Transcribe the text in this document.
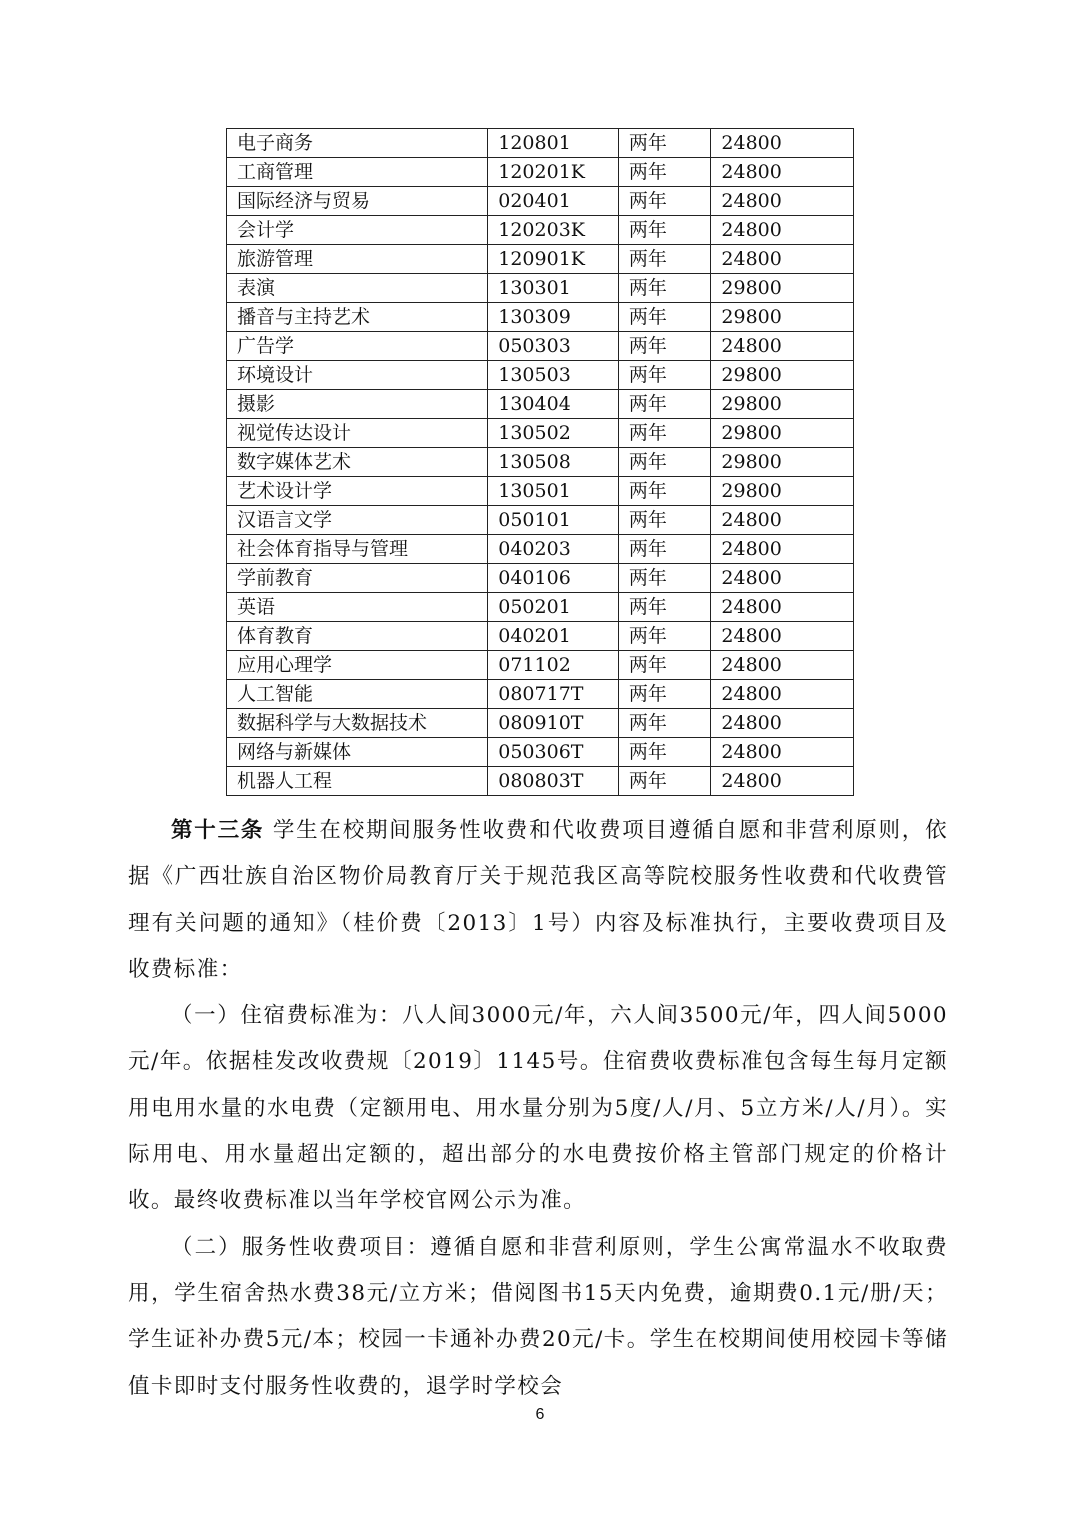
电子商务	120801	两年	24800
工商管理	120201K	两年	24800
国际经济与贸易	020401	两年	24800
会计学	120203K	两年	24800
旅游管理	120901K	两年	24800
表演	130301	两年	29800
播音与主持艺术	130309	两年	29800
广告学	050303	两年	24800
环境设计	130503	两年	29800
摄影	130404	两年	29800
视觉传达设计	130502	两年	29800
数字媒体艺术	130508	两年	29800
艺术设计学	130501	两年	29800
汉语言文学	050101	两年	24800
社会体育指导与管理	040203	两年	24800
学前教育	040106	两年	24800
英语	050201	两年	24800
体育教育	040201	两年	24800
应用心理学	071102	两年	24800
人工智能	080717T	两年	24800
数据科学与大数据技术	080910T	两年	24800
网络与新媒体	050306T	两年	24800
机器人工程	080803T	两年	24800

第十三条 学生在校期间服务性收费和代收费项目遵循自愿和非营利原则，依据《广西壮族自治区物价局教育厅关于规范我区高等院校服务性收费和代收费管理有关问题的通知》（桂价费〔2013〕1号）内容及标准执行，主要收费项目及收费标准：

（一）住宿费标准为：八人间3000元/年，六人间3500元/年，四人间5000元/年。依据桂发改收费规〔2019〕1145号。住宿费收费标准包含每生每月定额用电用水量的水电费（定额用电、用水量分别为5度/人/月、5立方米/人/月）。实际用电、用水量超出定额的，超出部分的水电费按价格主管部门规定的价格计收。最终收费标准以当年学校官网公示为准。

（二）服务性收费项目：遵循自愿和非营利原则，学生公寓常温水不收取费用，学生宿舍热水费38元/立方米；借阅图书15天内免费，逾期费0.1元/册/天；学生证补办费5元/本；校园一卡通补办费20元/卡。学生在校期间使用校园卡等储值卡即时支付服务性收费的，退学时学校会

6
